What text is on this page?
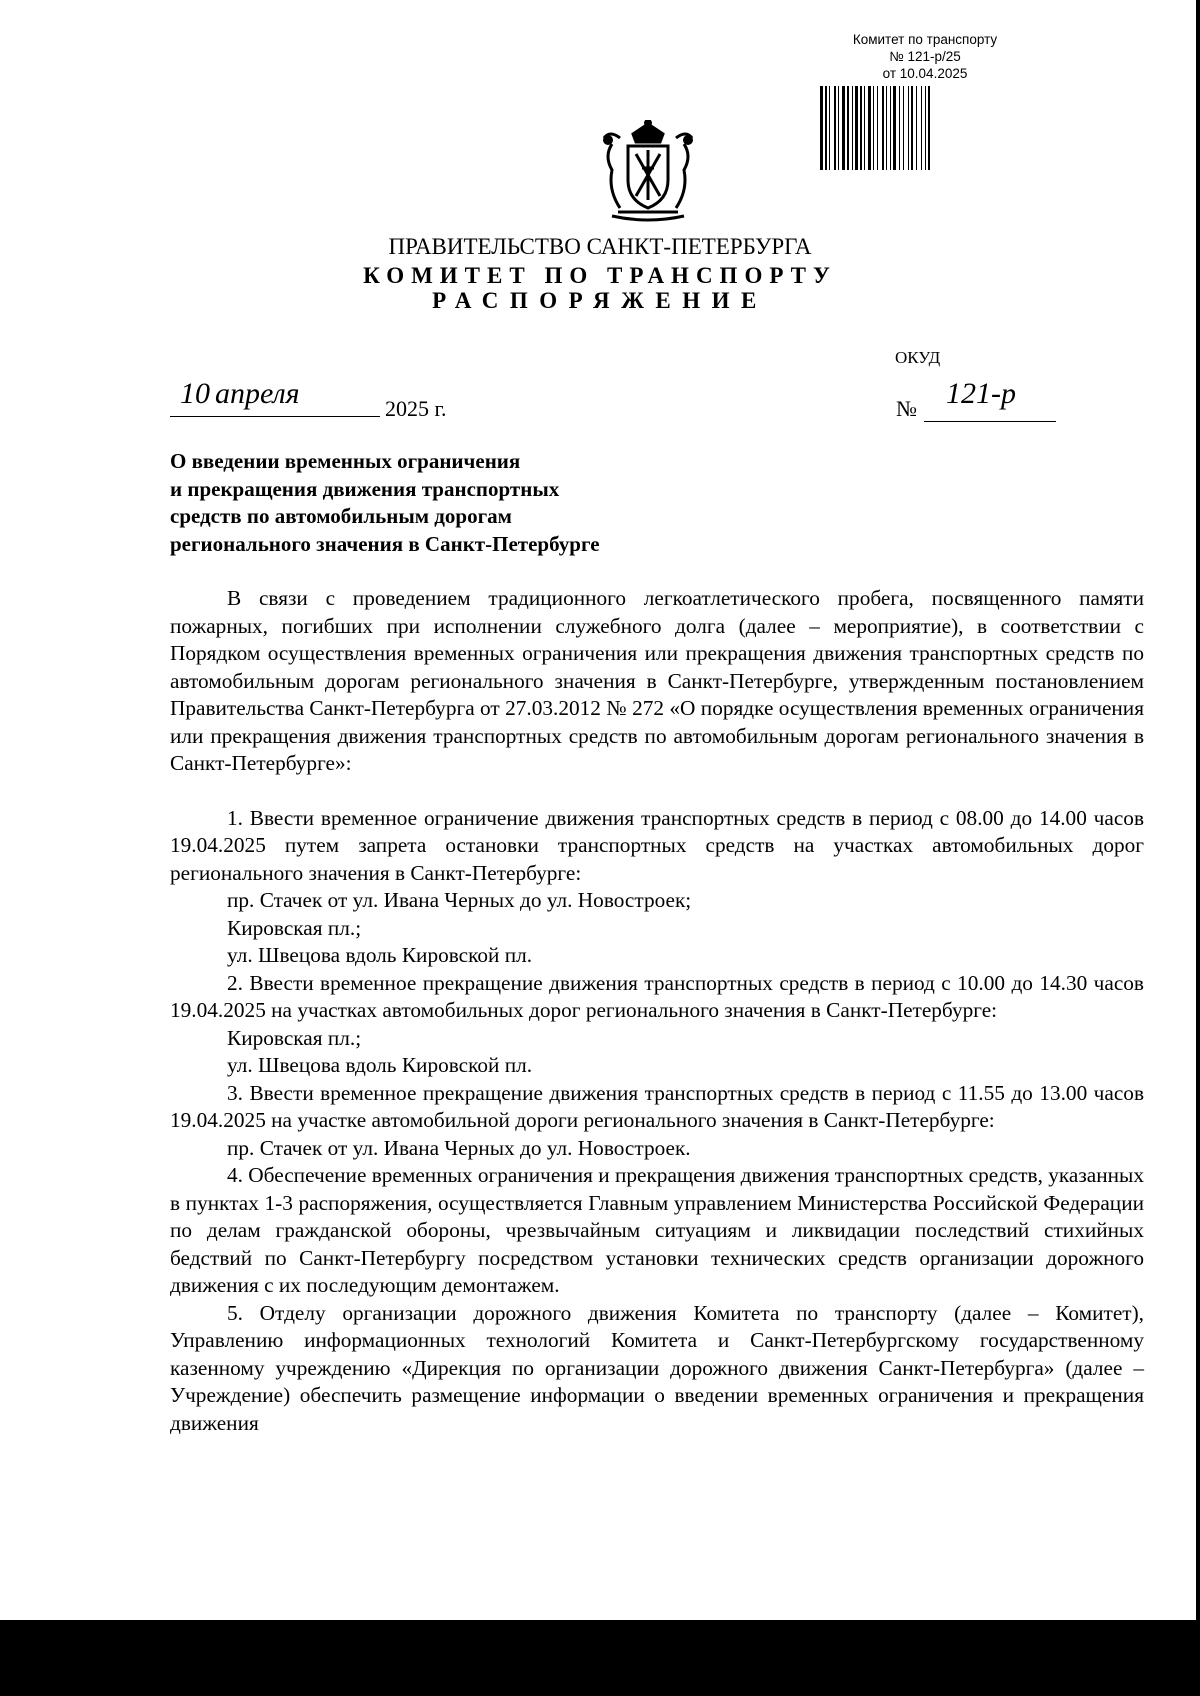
Комитет по транспорту
№ 121-р/25
от 10.04.2025
ПРАВИТЕЛЬСТВО САНКТ-ПЕТЕРБУРГА
КОМИТЕТ ПО ТРАНСПОРТУ
РАСПОРЯЖЕНИЕ
ОКУД
10 апреля	2025 г.	№ 121-р
О введении временных ограничения
и прекращения движения транспортных
средств по автомобильным дорогам
регионального значения в Санкт-Петербурге

В связи с проведением традиционного легкоатлетического пробега, посвященного памяти пожарных, погибших при исполнении служебного долга (далее – мероприятие), в соответствии с Порядком осуществления временных ограничения или прекращения движения транспортных средств по автомобильным дорогам регионального значения в Санкт-Петербурге, утвержденным постановлением Правительства Санкт-Петербурга от 27.03.2012 № 272 «О порядке осуществления временных ограничения или прекращения движения транспортных средств по автомобильным дорогам регионального значения в Санкт-Петербурге»:

1. Ввести временное ограничение движения транспортных средств в период с 08.00 до 14.00 часов 19.04.2025 путем запрета остановки транспортных средств на участках автомобильных дорог регионального значения в Санкт-Петербурге:

пр. Стачек от ул. Ивана Черных до ул. Новостроек;

Кировская пл.;

ул. Швецова вдоль Кировской пл.

2. Ввести временное прекращение движения транспортных средств в период с 10.00 до 14.30 часов 19.04.2025 на участках автомобильных дорог регионального значения в Санкт-Петербурге:

Кировская пл.;

ул. Швецова вдоль Кировской пл.

3. Ввести временное прекращение движения транспортных средств в период с 11.55 до 13.00 часов 19.04.2025 на участке автомобильной дороги регионального значения в Санкт-Петербурге:

пр. Стачек от ул. Ивана Черных до ул. Новостроек.

4. Обеспечение временных ограничения и прекращения движения транспортных средств, указанных в пунктах 1-3 распоряжения, осуществляется Главным управлением Министерства Российской Федерации по делам гражданской обороны, чрезвычайным ситуациям и ликвидации последствий стихийных бедствий по Санкт-Петербургу посредством установки технических средств организации дорожного движения с их последующим демонтажем.

5. Отделу организации дорожного движения Комитета по транспорту (далее – Комитет), Управлению информационных технологий Комитета и Санкт-Петербургскому государственному казенному учреждению «Дирекция по организации дорожного движения Санкт-Петербурга» (далее – Учреждение) обеспечить размещение информации о введении временных ограничения и прекращения движения
